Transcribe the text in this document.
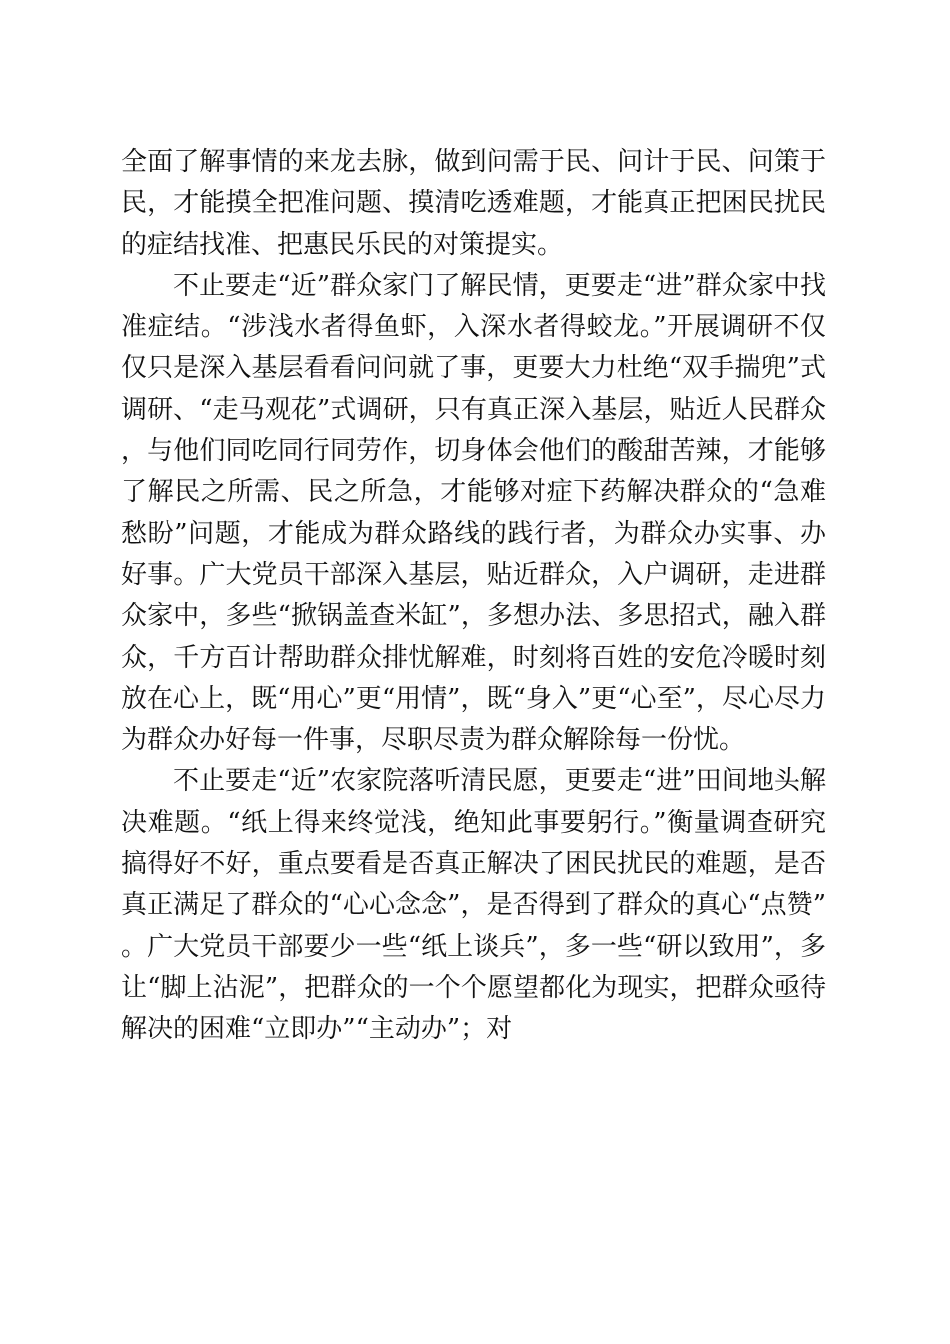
全面了解事情的来龙去脉，做到问需于民、问计于民、问策于民，才能摸全把准问题、摸清吃透难题，才能真正把困民扰民的症结找准、把惠民乐民的对策提实。

不止要走“近”群众家门了解民情，更要走“进”群众家中找准症结。“涉浅水者得鱼虾，入深水者得蛟龙。”开展调研不仅仅只是深入基层看看问问就了事，更要大力杜绝“双手揣兜”式调研、“走马观花”式调研，只有真正深入基层，贴近人民群众，与他们同吃同行同劳作，切身体会他们的酸甜苦辣，才能够了解民之所需、民之所急，才能够对症下药解决群众的“急难愁盼”问题，才能成为群众路线的践行者，为群众办实事、办好事。广大党员干部深入基层，贴近群众，入户调研，走进群众家中，多些“掀锅盖查米缸”，多想办法、多思招式，融入群众，千方百计帮助群众排忧解难，时刻将百姓的安危冷暖时刻放在心上，既“用心”更“用情”，既“身入”更“心至”，尽心尽力为群众办好每一件事，尽职尽责为群众解除每一份忧。

不止要走“近”农家院落听清民愿，更要走“进”田间地头解决难题。“纸上得来终觉浅，绝知此事要躬行。”衡量调查研究搞得好不好，重点要看是否真正解决了困民扰民的难题，是否真正满足了群众的“心心念念”，是否得到了群众的真心“点赞”。广大党员干部要少一些“纸上谈兵”，多一些“研以致用”，多让“脚上沾泥”，把群众的一个个愿望都化为现实，把群众亟待解决的困难“立即办”“主动办”；对
